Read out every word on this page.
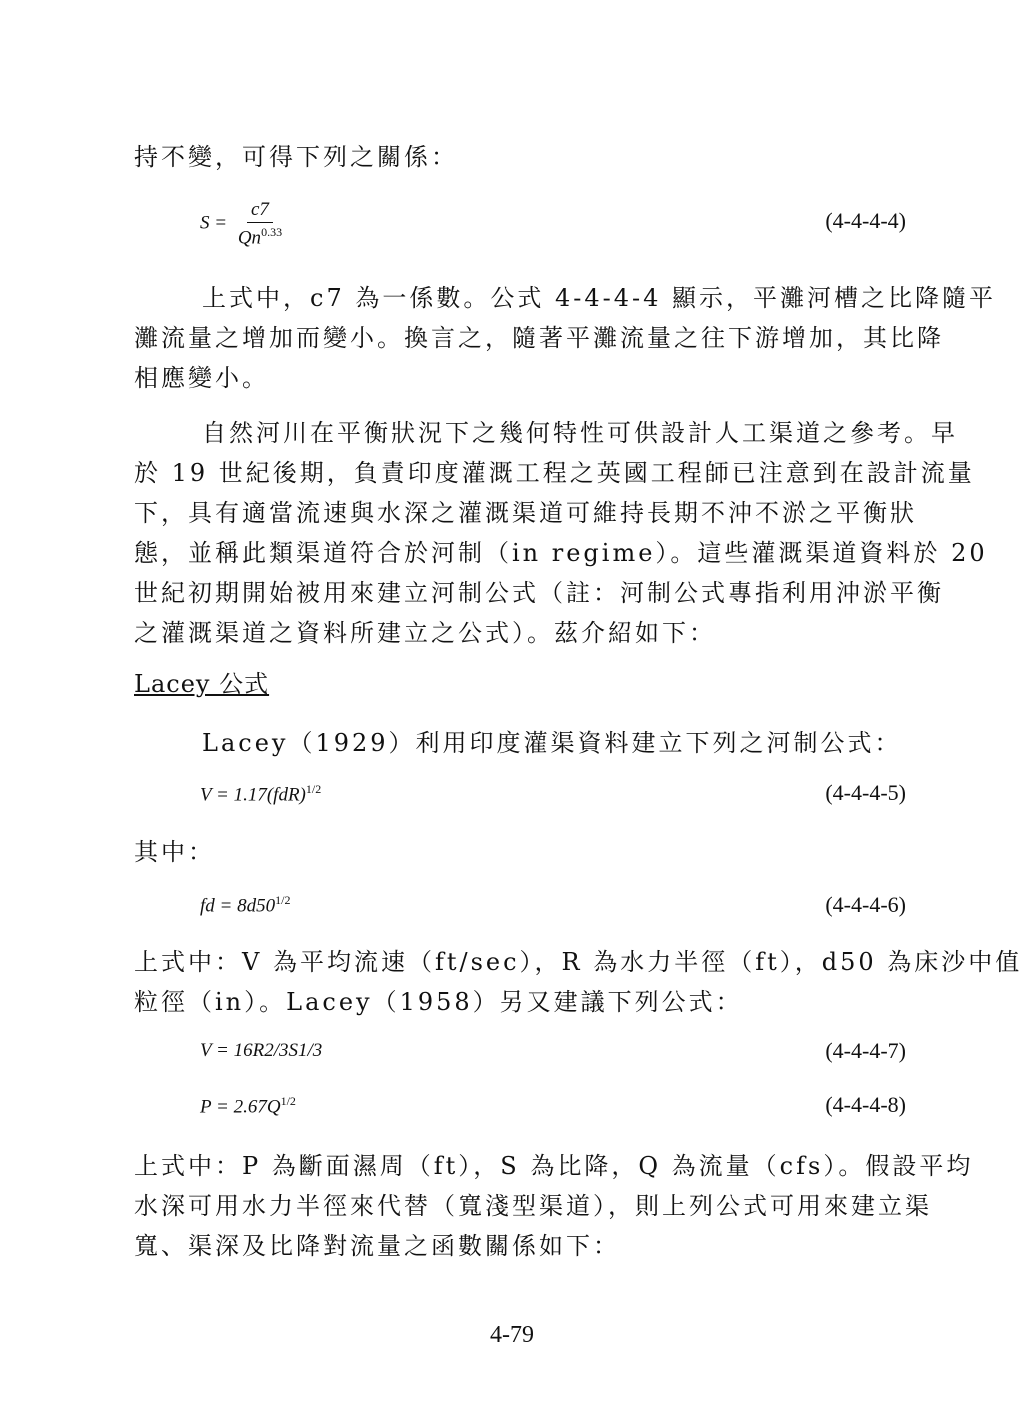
持不變，可得下列之關係：
$S = \frac{c7}{Qn^{0.33}}$	(4-4-4-4)
上式中，c7 為一係數。公式 4-4-4-4 顯示，平灘河槽之比降隨平
灘流量之增加而變小。換言之，隨著平灘流量之往下游增加，其比降
相應變小。
自然河川在平衡狀況下之幾何特性可供設計人工渠道之參考。早
於 19 世紀後期，負責印度灌溉工程之英國工程師已注意到在設計流量
下，具有適當流速與水深之灌溉渠道可維持長期不沖不淤之平衡狀
態，並稱此類渠道符合於河制（in regime）。這些灌溉渠道資料於 20
世紀初期開始被用來建立河制公式（註：河制公式專指利用沖淤平衡
之灌溉渠道之資料所建立之公式）。茲介紹如下：
Lacey 公式
Lacey（1929）利用印度灌渠資料建立下列之河制公式：
V = 1.17(fdR)$^{1/2}$	(4-4-4-5)
其中：
fd = $8d50^{1/2}$	(4-4-4-6)
上式中：V 為平均流速（ft/sec），R 為水力半徑（ft），d50 為床沙中值
粒徑（in）。Lacey（1958）另又建議下列公式：
V = 16R2/3S1/3	(4-4-4-7)
$P = 2.67Q^{1/2}$	(4-4-4-8)
上式中：P 為斷面濕周（ft），S 為比降，Q 為流量（cfs）。假設平均
水深可用水力半徑來代替（寬淺型渠道），則上列公式可用來建立渠
寬、渠深及比降對流量之函數關係如下：
4-79
